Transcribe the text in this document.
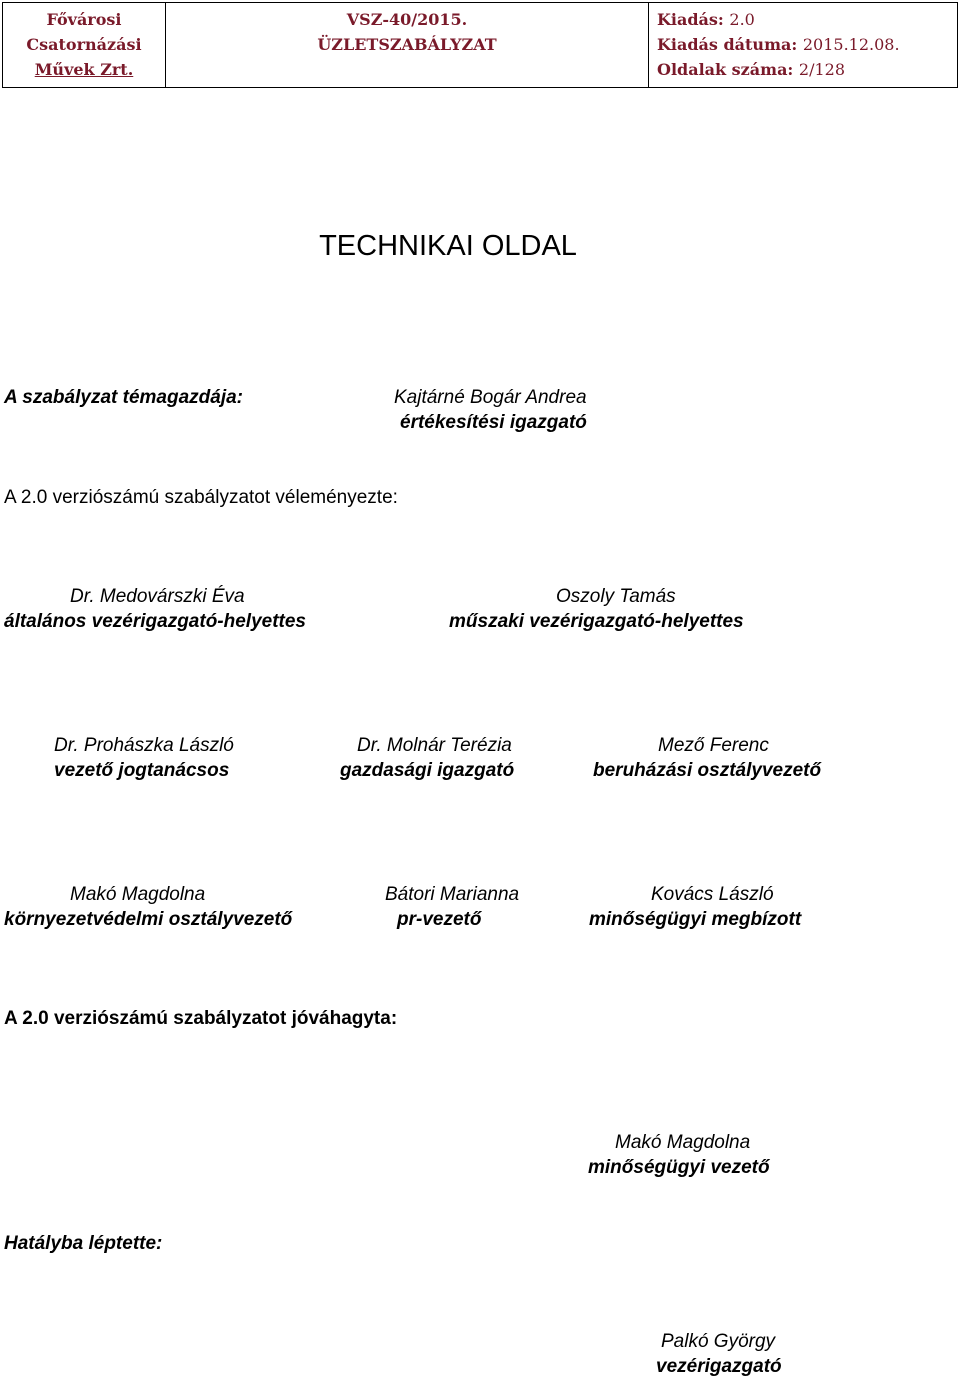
Fővárosi
Csatornázási
Művek Zrt.

VSZ-40/2015.
ÜZLETSZABÁLYZAT

Kiadás: 2.0
Kiadás dátuma: 2015.12.08.
Oldalak száma: 2/128
TECHNIKAI OLDAL
A szabályzat témagazdája:	Kajtárné Bogár Andrea
értékesítési igazgató
A 2.0 verziószámú szabályzatot véleményezte:
Dr. Medovárszki Éva
általános vezérigazgató-helyettes
Oszoly Tamás
műszaki vezérigazgató-helyettes
Dr. Prohászka László
vezető jogtanácsos
Dr. Molnár Terézia
gazdasági igazgató
Mező Ferenc
beruházási osztályvezető
Makó Magdolna
környezetvédelmi osztályvezető
Bátori Marianna
pr-vezető
Kovács László
minőségügyi megbízott
A 2.0 verziószámú szabályzatot jóváhagyta:
Makó Magdolna
minőségügyi vezető
Hatályba léptette:
Palkó György
vezérigazgató
